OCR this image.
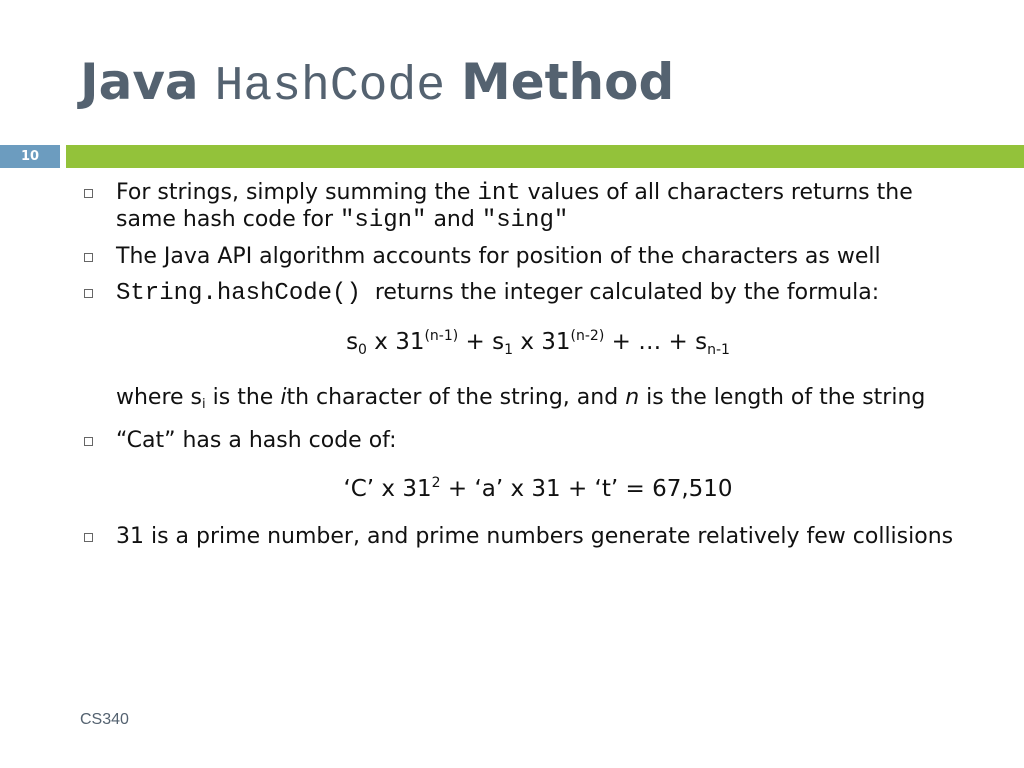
Java HashCode Method
10
For strings, simply summing the int values of all characters returns the same hash code for "sign" and "sing"
The Java API algorithm accounts for position of the characters as well
String.hashCode()  returns the integer calculated by the formula:
$s_0$ x $31^{(n-1)} + s_1$ x $31^{(n-2)}$ + … + $s_{n-1}$
where $s_i$ is the ith character of the string, and n is the length of the string
“Cat” has a hash code of:
‘C’ x $31^2$ + ‘a’ x 31 + ‘t’ = 67,510
31 is a prime number, and prime numbers generate relatively few collisions
CS340
